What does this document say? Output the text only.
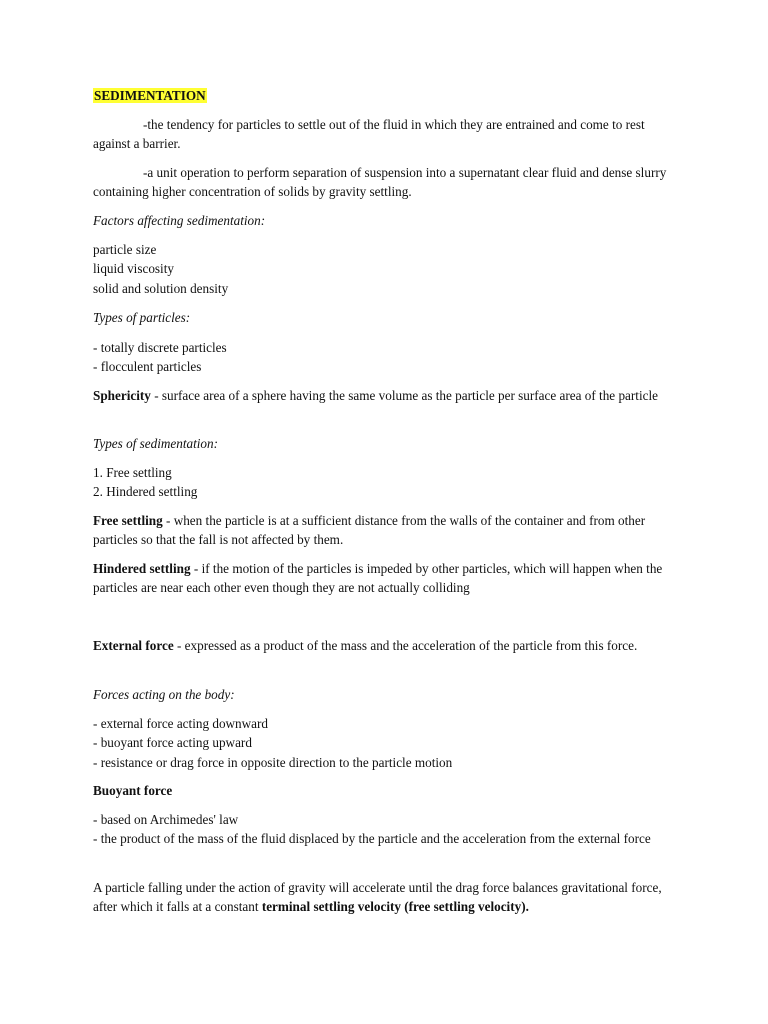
SEDIMENTATION

-the tendency for particles to settle out of the fluid in which they are entrained and come to rest against a barrier.

-a unit operation to perform separation of suspension into a supernatant clear fluid and dense slurry containing higher concentration of solids by gravity settling.

Factors affecting sedimentation:

particle size
liquid viscosity
solid and solution density

Types of particles:

- totally discrete particles
- flocculent particles

Sphericity - surface area of a sphere having the same volume as the particle per surface area of the particle

Types of sedimentation:

1. Free settling
2. Hindered settling

Free settling - when the particle is at a sufficient distance from the walls of the container and from other particles so that the fall is not affected by them.

Hindered settling - if the motion of the particles is impeded by other particles, which will happen when the particles are near each other even though they are not actually colliding

External force - expressed as a product of the mass and the acceleration of the particle from this force.

Forces acting on the body:

- external force acting downward
- buoyant force acting upward
- resistance or drag force in opposite direction to the particle motion

Buoyant force

- based on Archimedes' law
- the product of the mass of the fluid displaced by the particle and the acceleration from the external force

A particle falling under the action of gravity will accelerate until the drag force balances gravitational force, after which it falls at a constant terminal settling velocity (free settling velocity).
